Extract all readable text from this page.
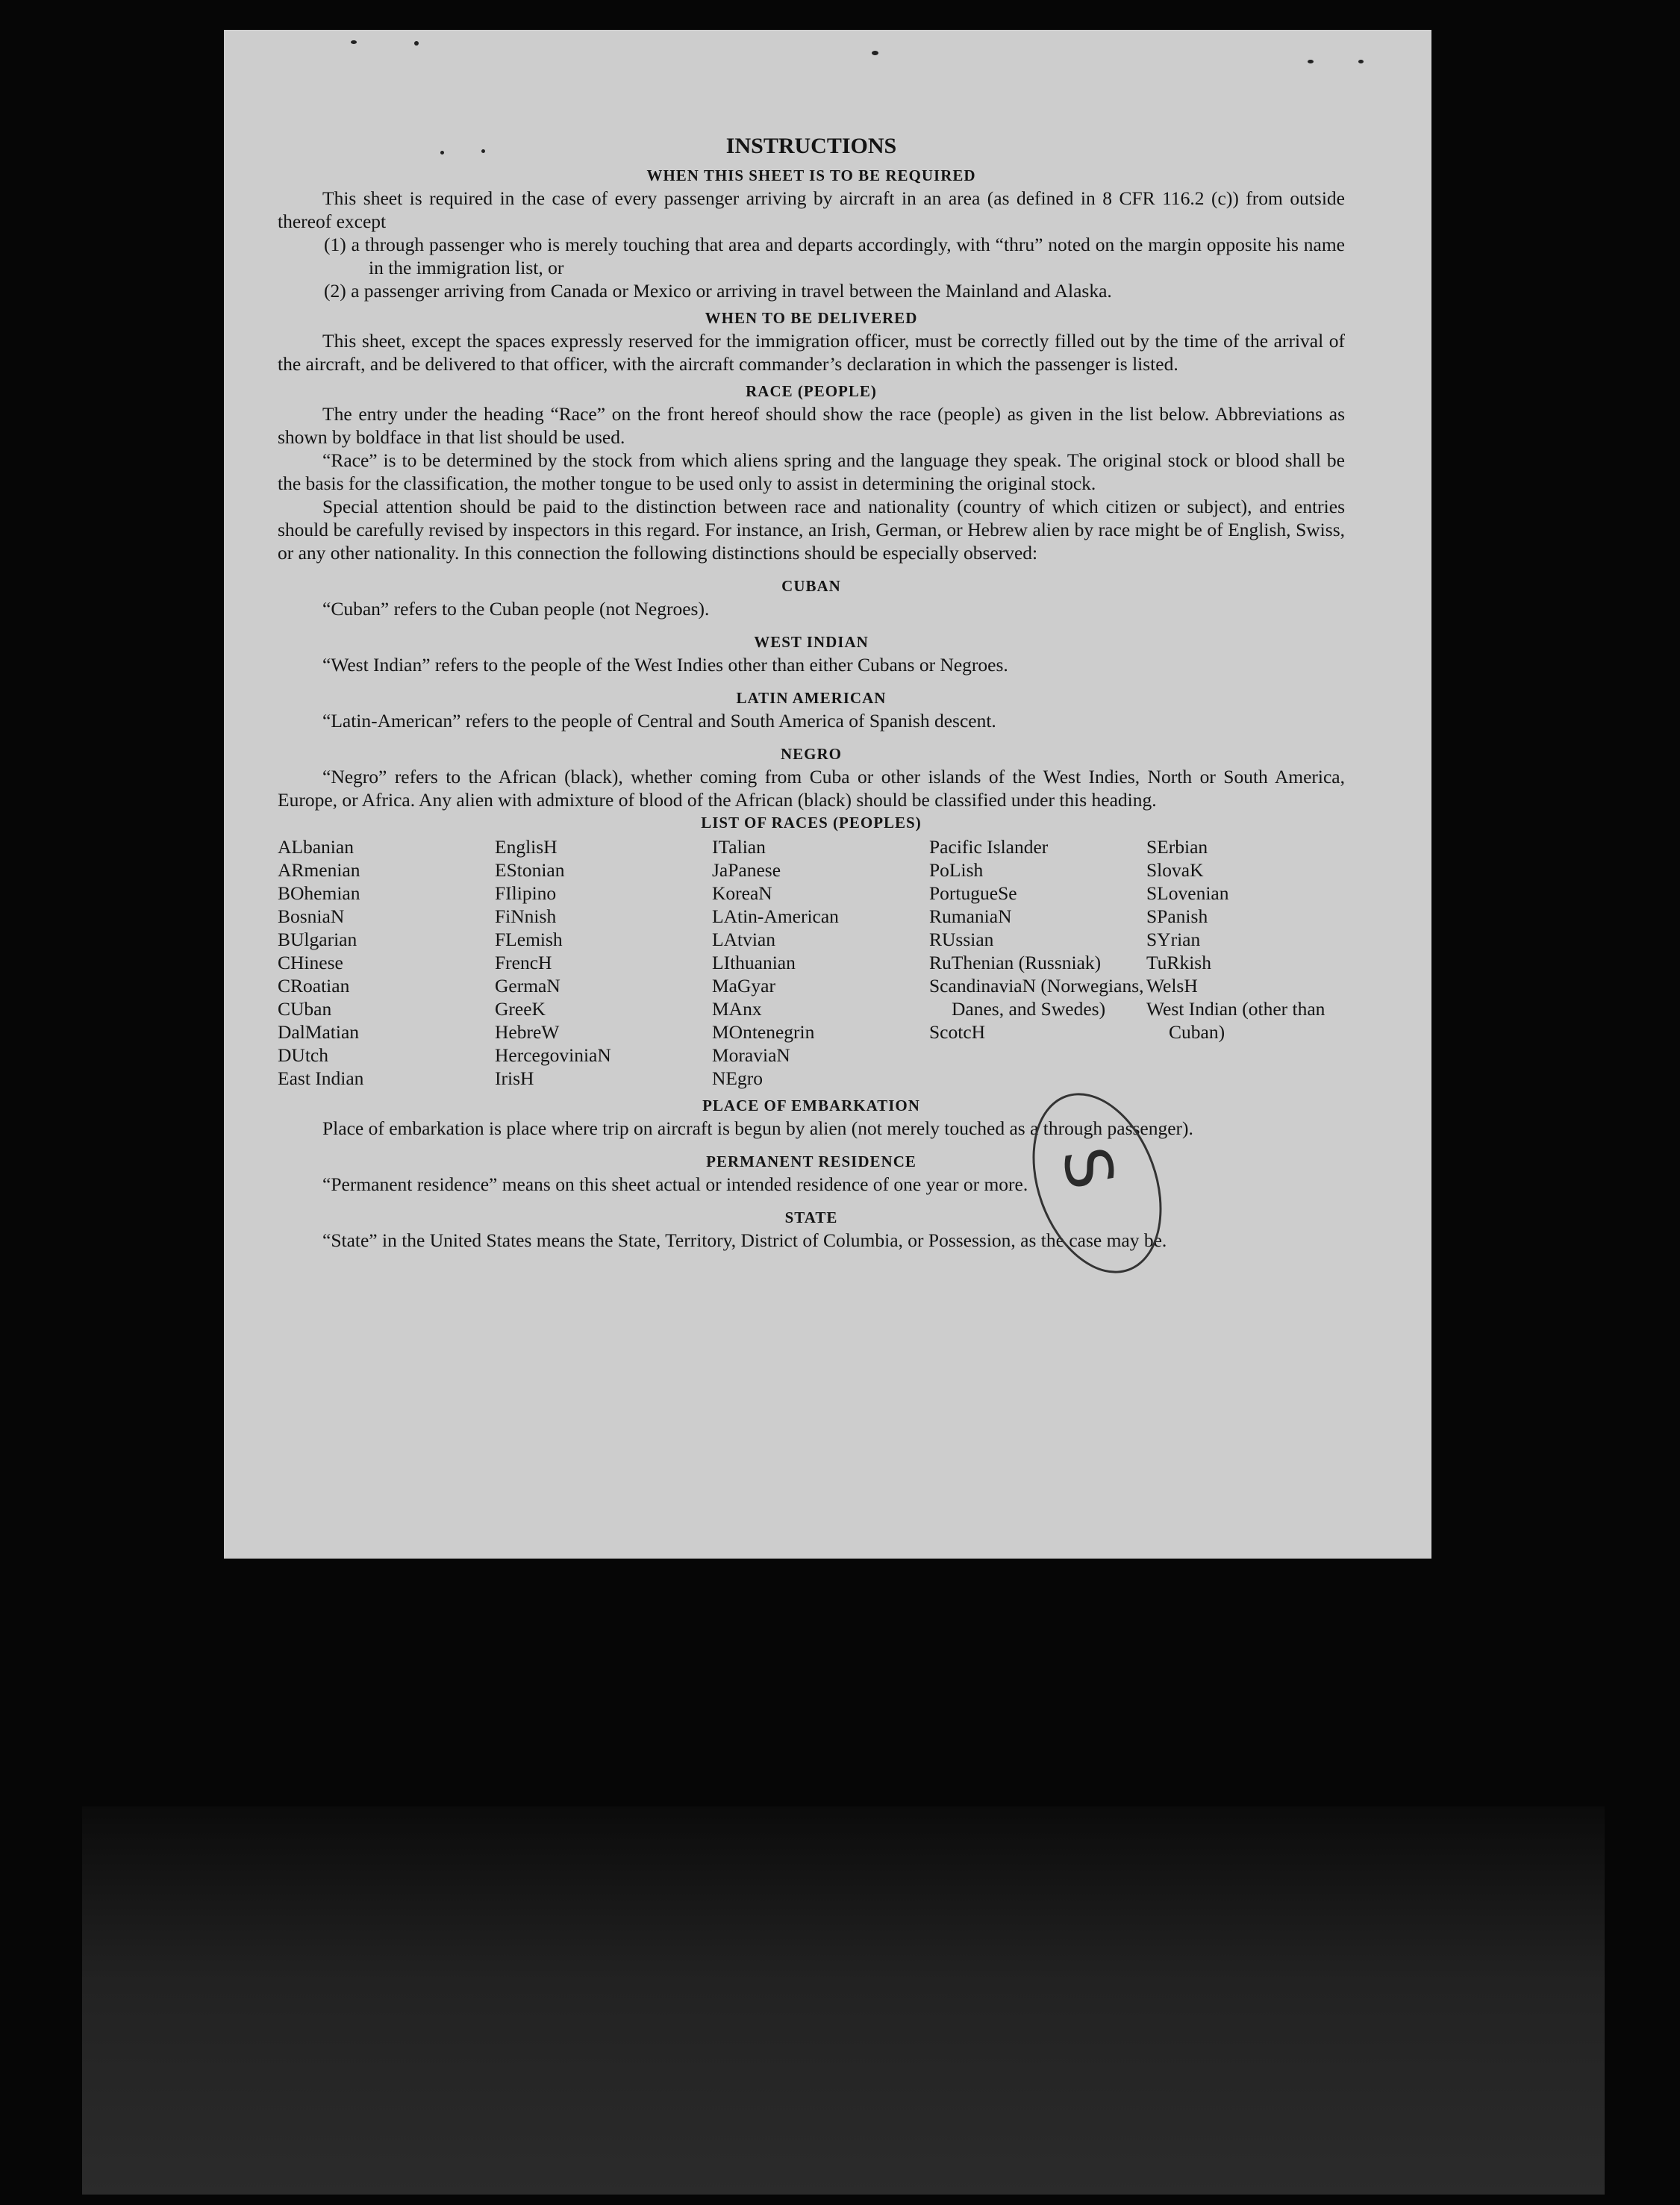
INSTRUCTIONS
WHEN THIS SHEET IS TO BE REQUIRED

This sheet is required in the case of every passenger arriving by aircraft in an area (as defined in 8 CFR 116.2 (c)) from outside thereof except

(1) a through passenger who is merely touching that area and departs accordingly, with “thru” noted on the margin opposite his name in the immigration list, or

(2) a passenger arriving from Canada or Mexico or arriving in travel between the Mainland and Alaska.

WHEN TO BE DELIVERED

This sheet, except the spaces expressly reserved for the immigration officer, must be correctly filled out by the time of the arrival of the aircraft, and be delivered to that officer, with the aircraft commander’s declaration in which the passenger is listed.

RACE (PEOPLE)

The entry under the heading “Race” on the front hereof should show the race (people) as given in the list below. Abbreviations as shown by boldface in that list should be used.

“Race” is to be determined by the stock from which aliens spring and the language they speak. The original stock or blood shall be the basis for the classification, the mother tongue to be used only to assist in determining the original stock.

Special attention should be paid to the distinction between race and nationality (country of which citizen or subject), and entries should be carefully revised by inspectors in this regard. For instance, an Irish, German, or Hebrew alien by race might be of English, Swiss, or any other nationality. In this connection the following distinctions should be especially observed:

CUBAN

“Cuban” refers to the Cuban people (not Negroes).

WEST INDIAN

“West Indian” refers to the people of the West Indies other than either Cubans or Negroes.

LATIN AMERICAN

“Latin-American” refers to the people of Central and South America of Spanish descent.

NEGRO

“Negro” refers to the African (black), whether coming from Cuba or other islands of the West Indies, North or South America, Europe, or Africa. Any alien with admixture of blood of the African (black) should be classified under this heading.

LIST OF RACES (PEOPLES)
ALbanian
ARmenian
BOhemian
BosniaN
BUlgarian
CHinese
CRoatian
CUban
DalMatian
DUtch
East Indian
EnglisH
EStonian
FIlipino
FiNnish
FLemish
FrencH
GermaN
GreeK
HebreW
HercegoviniaN
IrisH
ITalian
JaPanese
KoreaN
LAtin-American
LAtvian
LIthuanian
MaGyar
MAnx
MOntenegrin
MoraviaN
NEgro
Pacific Islander
PoLish
PortugueSe
RumaniaN
RUssian
RuThenian (Russniak)
ScandinaviaN (Norwegians, Danes, and Swedes)
ScotcH
SErbian
SlovaK
SLovenian
SPanish
SYrian
TuRkish
WelsH
West Indian (other than Cuban)
PLACE OF EMBARKATION

Place of embarkation is place where trip on aircraft is begun by alien (not merely touched as a through passenger).

PERMANENT RESIDENCE

“Permanent residence” means on this sheet actual or intended residence of one year or more.

STATE

“State” in the United States means the State, Territory, District of Columbia, or Possession, as the case may be.

S
